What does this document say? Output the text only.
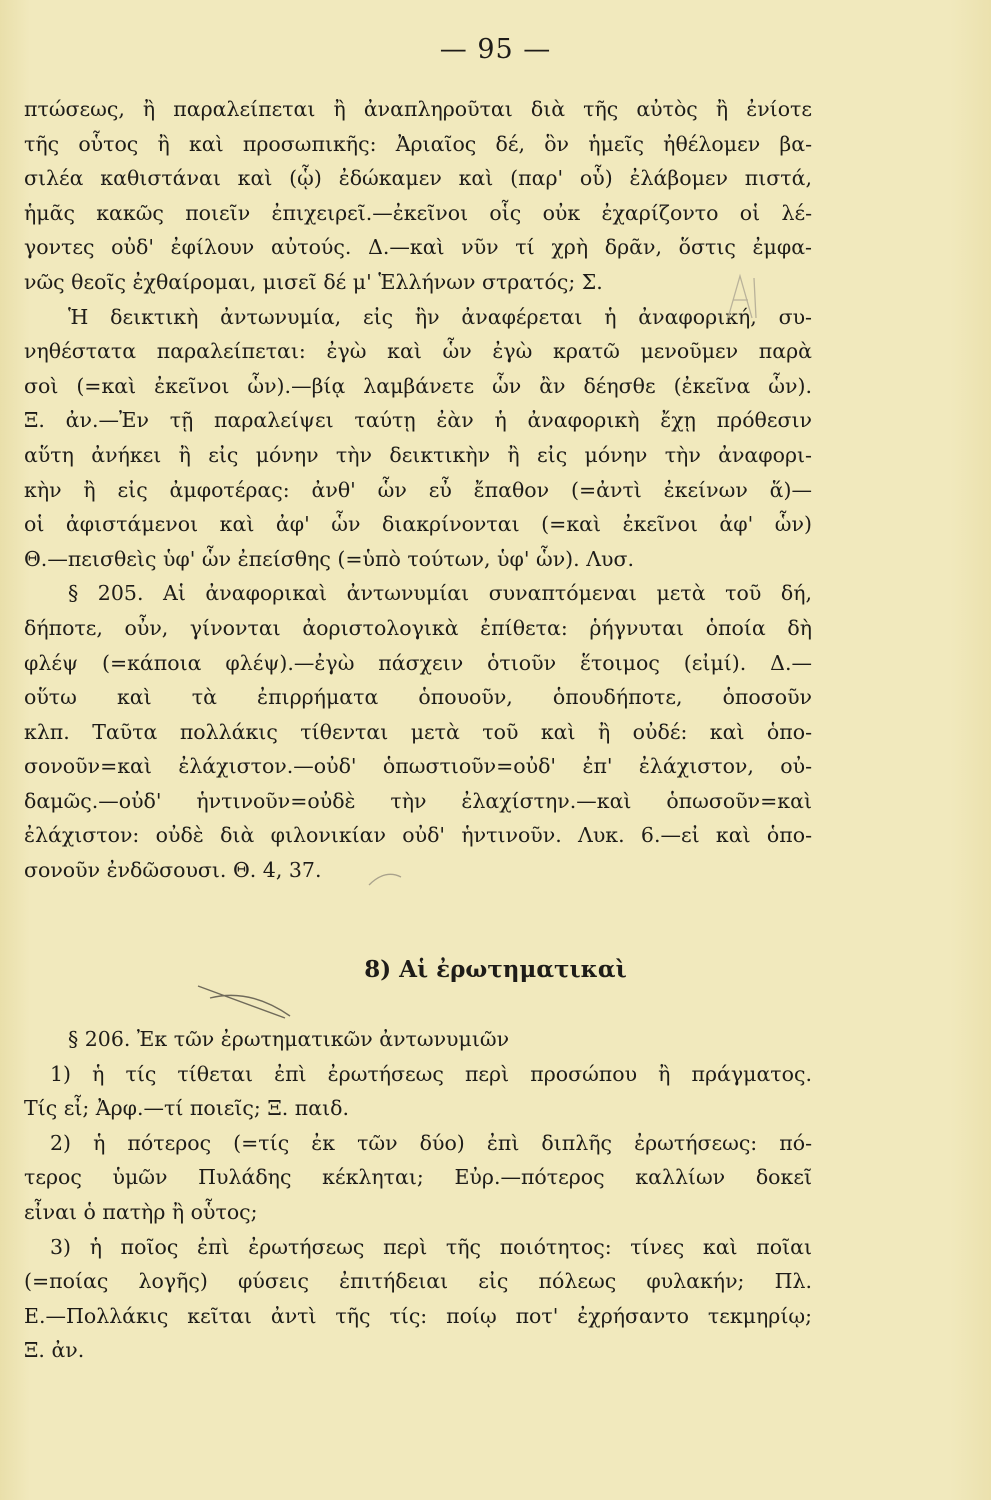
— 95 —
πτώσεως, ἢ παραλείπεται ἢ ἀναπληροῦται διὰ τῆς αὐτὸς ἢ ἐνίοτε
τῆς οὗτος ἢ καὶ προσωπικῆς: Ἀριαῖος δέ, ὃν ἡμεῖς ἠθέλομεν βα-
σιλέα καθιστάναι καὶ (ᾧ) ἐδώκαμεν καὶ (παρ' οὗ) ἐλάβομεν πιστά,
ἡμᾶς κακῶς ποιεῖν ἐπιχειρεῖ.—ἐκεῖνοι οἷς οὐκ ἐχαρίζοντο οἱ λέ-
γοντες οὐδ' ἐφίλουν αὐτούς. Δ.—καὶ νῦν τί χρὴ δρᾶν, ὅστις ἐμφα-
νῶς θεοῖς ἐχθαίρομαι, μισεῖ δέ μ' Ἑλλήνων στρατός; Σ.
Ἡ δεικτικὴ ἀντωνυμία, εἰς ἣν ἀναφέρεται ἡ ἀναφορική, συ-
νηθέστατα παραλείπεται: ἐγὼ καὶ ὧν ἐγὼ κρατῶ μενοῦμεν παρὰ
σοὶ (=καὶ ἐκεῖνοι ὧν).—βίᾳ λαμβάνετε ὧν ἂν δέησθε (ἐκεῖνα ὧν).
Ξ. ἀν.—Ἐν τῇ παραλείψει ταύτῃ ἐὰν ἡ ἀναφορικὴ ἔχῃ πρόθεσιν
αὕτη ἀνήκει ἢ εἰς μόνην τὴν δεικτικὴν ἢ εἰς μόνην τὴν ἀναφορι-
κὴν ἢ εἰς ἀμφοτέρας: ἀνθ' ὧν εὖ ἔπαθον (=ἀντὶ ἐκείνων ἅ)—
οἱ ἀφιστάμενοι καὶ ἀφ' ὧν διακρίνονται (=καὶ ἐκεῖνοι ἀφ' ὧν)
Θ.—πεισθεὶς ὑφ' ὧν ἐπείσθης (=ὑπὸ τούτων, ὑφ' ὧν). Λυσ.
§ 205. Αἱ ἀναφορικαὶ ἀντωνυμίαι συναπτόμεναι μετὰ τοῦ δή,
δήποτε, οὖν, γίνονται ἀοριστολογικὰ ἐπίθετα: ῥήγνυται ὁποία δὴ
φλέψ (=κάποια φλέψ).—ἐγὼ πάσχειν ὁτιοῦν ἕτοιμος (εἰμί). Δ.—
οὕτω καὶ τὰ ἐπιρρήματα ὁπουοῦν, ὁπουδήποτε, ὁποσοῦν
κλπ. Ταῦτα πολλάκις τίθενται μετὰ τοῦ καὶ ἢ οὐδέ: καὶ ὁπο-
σονοῦν=καὶ ἐλάχιστον.—οὐδ' ὁπωστιοῦν=οὐδ' ἐπ' ἐλάχιστον, οὐ-
δαμῶς.—οὐδ' ἡντινοῦν=οὐδὲ τὴν ἐλαχίστην.—καὶ ὁπωσοῦν=καὶ
ἐλάχιστον: οὐδὲ διὰ φιλονικίαν οὐδ' ἡντινοῦν. Λυκ. 6.—εἰ καὶ ὁπο-
σονοῦν ἐνδῶσουσι. Θ. 4, 37.
8) Αἱ ἐρωτηματικαὶ
§ 206. Ἐκ τῶν ἐρωτηματικῶν ἀντωνυμιῶν
1) ἡ τίς τίθεται ἐπὶ ἐρωτήσεως περὶ προσώπου ἢ πράγματος.
Τίς εἶ; Ἀρφ.—τί ποιεῖς; Ξ. παιδ.
2) ἡ πότερος (=τίς ἐκ τῶν δύο) ἐπὶ διπλῆς ἐρωτήσεως: πό-
τερος ὑμῶν Πυλάδης κέκληται; Εὐρ.—πότερος καλλίων δοκεῖ
εἶναι ὁ πατὴρ ἢ οὗτος;
3) ἡ ποῖος ἐπὶ ἐρωτήσεως περὶ τῆς ποιότητος: τίνες καὶ ποῖαι
(=ποίας λογῆς) φύσεις ἐπιτήδειαι εἰς πόλεως φυλακήν; Πλ.
Ε.—Πολλάκις κεῖται ἀντὶ τῆς τίς: ποίῳ ποτ' ἐχρήσαντο τεκμηρίῳ;
Ξ. ἀν.
